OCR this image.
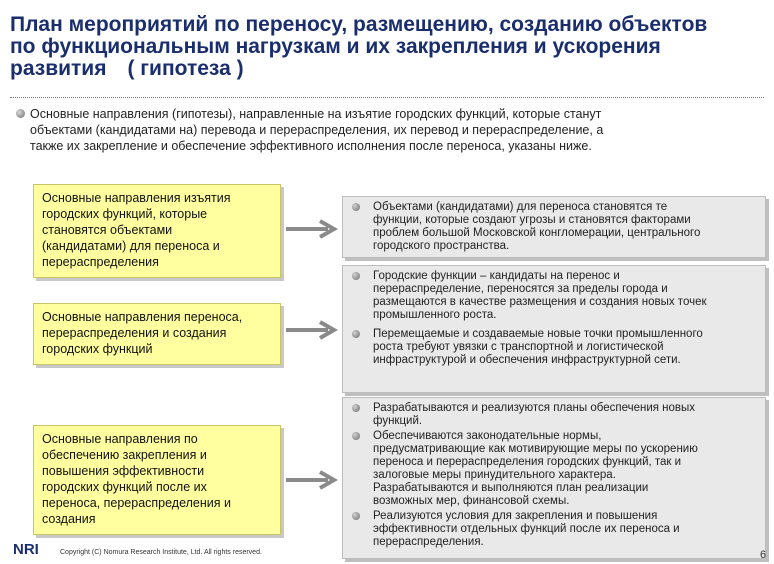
План мероприятий по переносу, размещению, созданию объектов
по функциональным нагрузкам и их закрепления и ускорения
развития　( гипотеза )
Основные направления (гипотезы), направленные на изъятие городских функций, которые станут
объектами (кандидатами на) перевода и перераспределения, их перевод и перераспределение, а
также их закрепление и обеспечение эффективного исполнения после переноса, указаны ниже.
Основные направления изъятия
городских функций, которые
становятся объектами
(кандидатами) для переноса и
перераспределения
Основные направления переноса,
перераспределения и создания
городских функций
Основные направления по
обеспечению закрепления и
повышения эффективности
городских функций после их
переноса, перераспределения и
создания
Объектами (кандидатами) для переноса становятся те
функции, которые создают угрозы и становятся факторами
проблем большой Московской конгломерации, центрального
городского пространства.
Городские функции – кандидаты на перенос и
перераспределение, переносятся за пределы города и
размещаются в качестве размещения и создания новых точек
промышленного роста.
Перемещаемые и создаваемые новые точки промышленного
роста требуют увязки с транспортной и логистической
инфраструктурой и обеспечения инфраструктурной сети.
Разрабатываются и реализуются планы обеспечения новых
функций.
Обеспечиваются законодательные нормы,
предусматривающие как мотивирующие меры по ускорению
переноса и перераспределения городских функций, так и
залоговые меры принудительного характера.
Разрабатываются и выполняются план реализации
возможных мер, финансовой схемы.
Реализуются условия для закрепления и повышения
эффективности отдельных функций после их переноса и
перераспределения.
NRI	Copyright (C) Nomura Research Institute, Ltd. All rights reserved.	6
